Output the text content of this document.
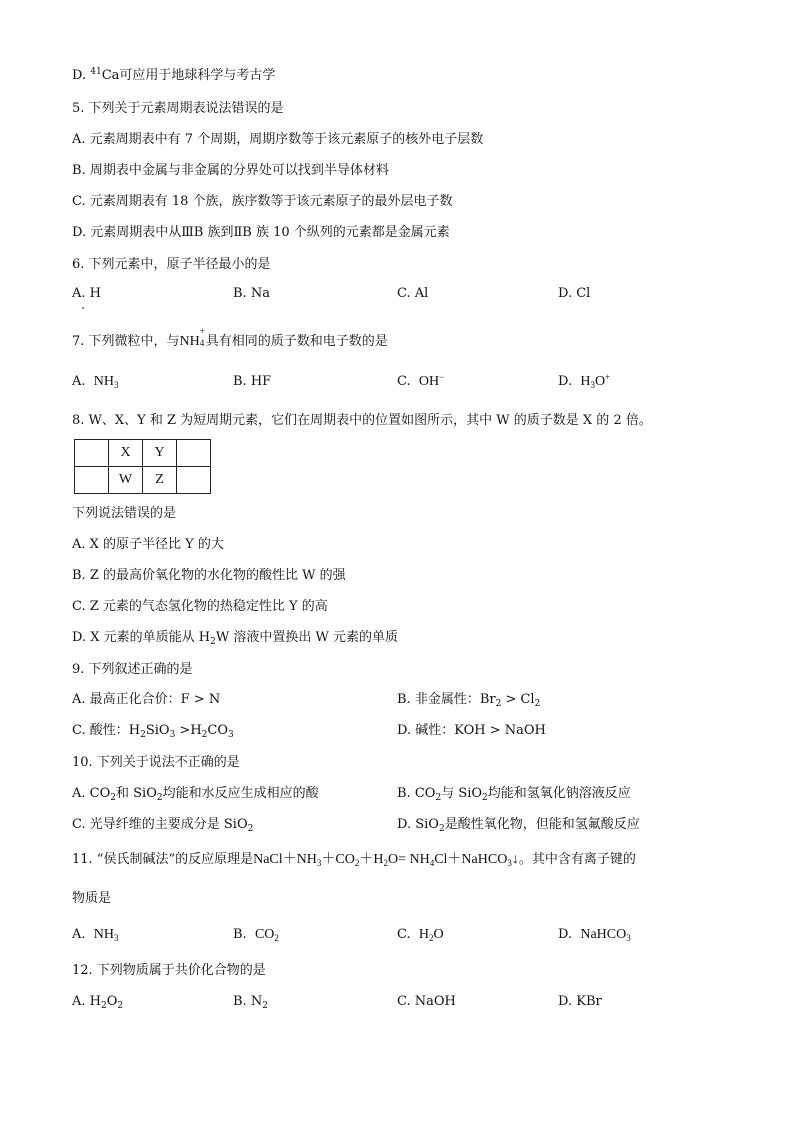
D. $^{41}$Ca可应用于地球科学与考古学
5. 下列关于元素周期表说法错误的是
A. 元素周期表中有 7 个周期，周期序数等于该元素原子的核外电子层数
B. 周期表中金属与非金属的分界处可以找到半导体材料
C. 元素周期表有 18 个族，族序数等于该元素原子的最外层电子数
D. 元素周期表中从ⅢB 族到ⅡB 族 10 个纵列的元素都是金属元素
6. 下列元素中，原子半径最小的是
A. H	B. Na	C. Al	D. Cl
7. 下列微粒中，与NH
+
4 具有相同的质子数和电子数的是
A. $NH_3$	B. HF	C. OH−	D. $H_3O^+$
8. W、X、Y 和 Z 为短周期元素，它们在周期表中的位置如图所示，其中 W 的质子数是 X 的 2 倍。
	X	Y	
	W	Z	
下列说法错误的是
A. X 的原子半径比 Y 的大
B. Z 的最高价氧化物的水化物的酸性比 W 的强
C. Z 元素的气态氢化物的热稳定性比 Y 的高
D. X 元素的单质能从 $H_2W$ 溶液中置换出 W 元素的单质
9. 下列叙述正确的是
A. 最高正化合价：F > N	B. 非金属性：$Br_2 > Cl_2$
C. 酸性：$H_2SiO_3 >H_2CO_3$	D. 碱性：KOH > NaOH
10. 下列关于说法不正确的是
A. $CO_2$和 SiO$_2$均能和水反应生成相应的酸	B. $CO_2$与 SiO$_2$均能和氢氧化钠溶液反应
C. 光导纤维的主要成分是 SiO$_2$	D. SiO$_2$是酸性氧化物，但能和氢氟酸反应
11. “侯氏制碱法”的反应原理是$NaCl+NH_3+CO_2+H_2O=$ $NH_4Cl+NaHCO_3↓$。其中含有离子键的
物质是
A. $NH_3$	B. $CO_2$	C. $H_2O$	D. NaHCO$_3$
12. 下列物质属于共价化合物的是
A. $H_2O_2$	B. $N_2$	C. NaOH	D. KBr
